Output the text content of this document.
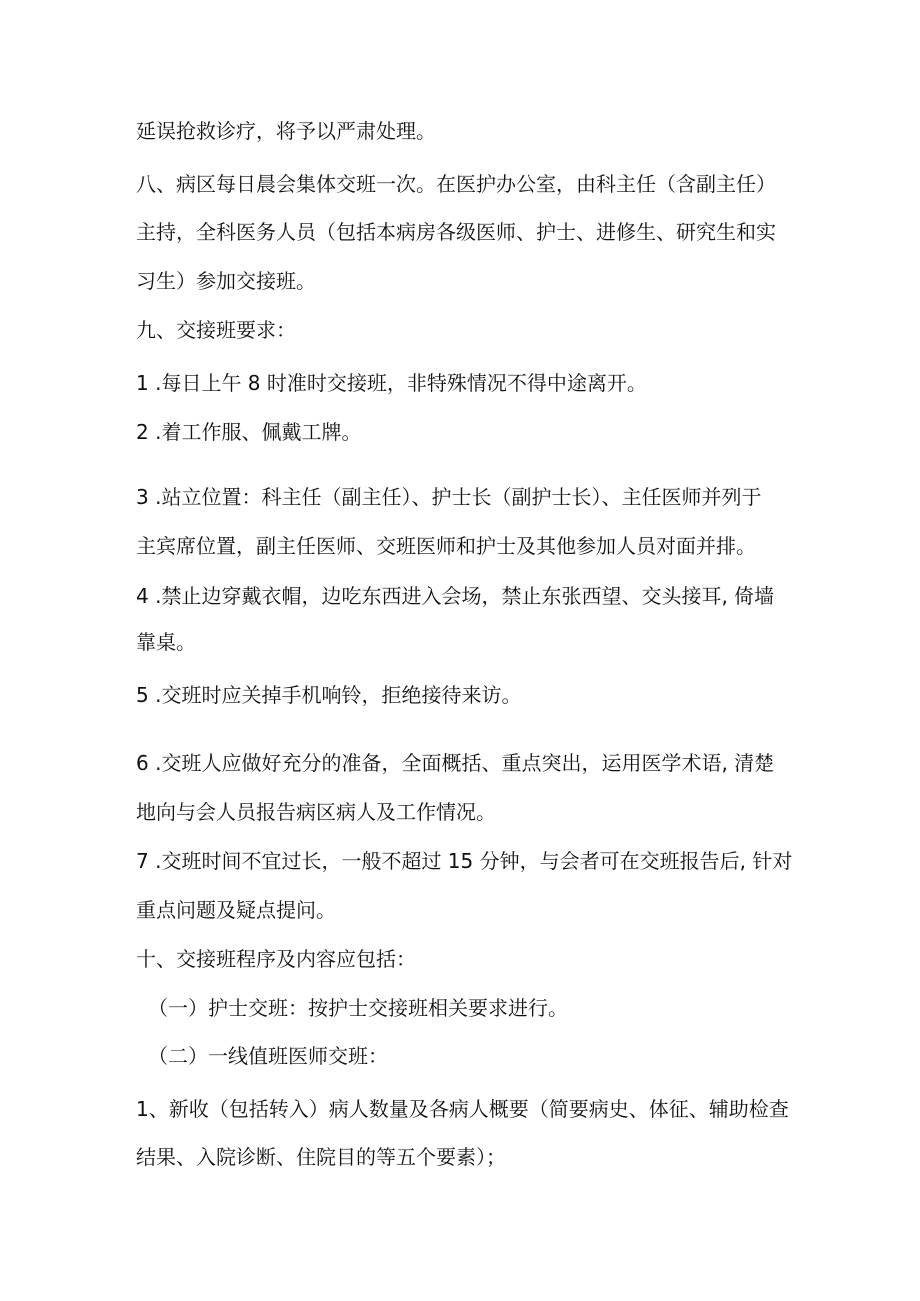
延误抢救诊疗，将予以严肃处理。
八、病区每日晨会集体交班一次。在医护办公室，由科主任（含副主任）
主持，全科医务人员（包括本病房各级医师、护士、进修生、研究生和实
习生）参加交接班。
九、交接班要求：
1 .每日上午 8 时准时交接班，非特殊情况不得中途离开。
2 .着工作服、佩戴工牌。
3 .站立位置：科主任（副主任）、护士长（副护士长）、主任医师并列于
主宾席位置，副主任医师、交班医师和护士及其他参加人员对面并排。
4 .禁止边穿戴衣帽，边吃东西进入会场，禁止东张西望、交头接耳, 倚墙
靠桌。
5 .交班时应关掉手机响铃，拒绝接待来访。
6 .交班人应做好充分的准备，全面概括、重点突出，运用医学术语, 清楚
地向与会人员报告病区病人及工作情况。
7 .交班时间不宜过长，一般不超过 15 分钟，与会者可在交班报告后, 针对
重点问题及疑点提问。
十、交接班程序及内容应包括：
（一）护士交班：按护士交接班相关要求进行。
（二）一线值班医师交班：
1、新收（包括转入）病人数量及各病人概要（简要病史、体征、辅助检查
结果、入院诊断、住院目的等五个要素）；
